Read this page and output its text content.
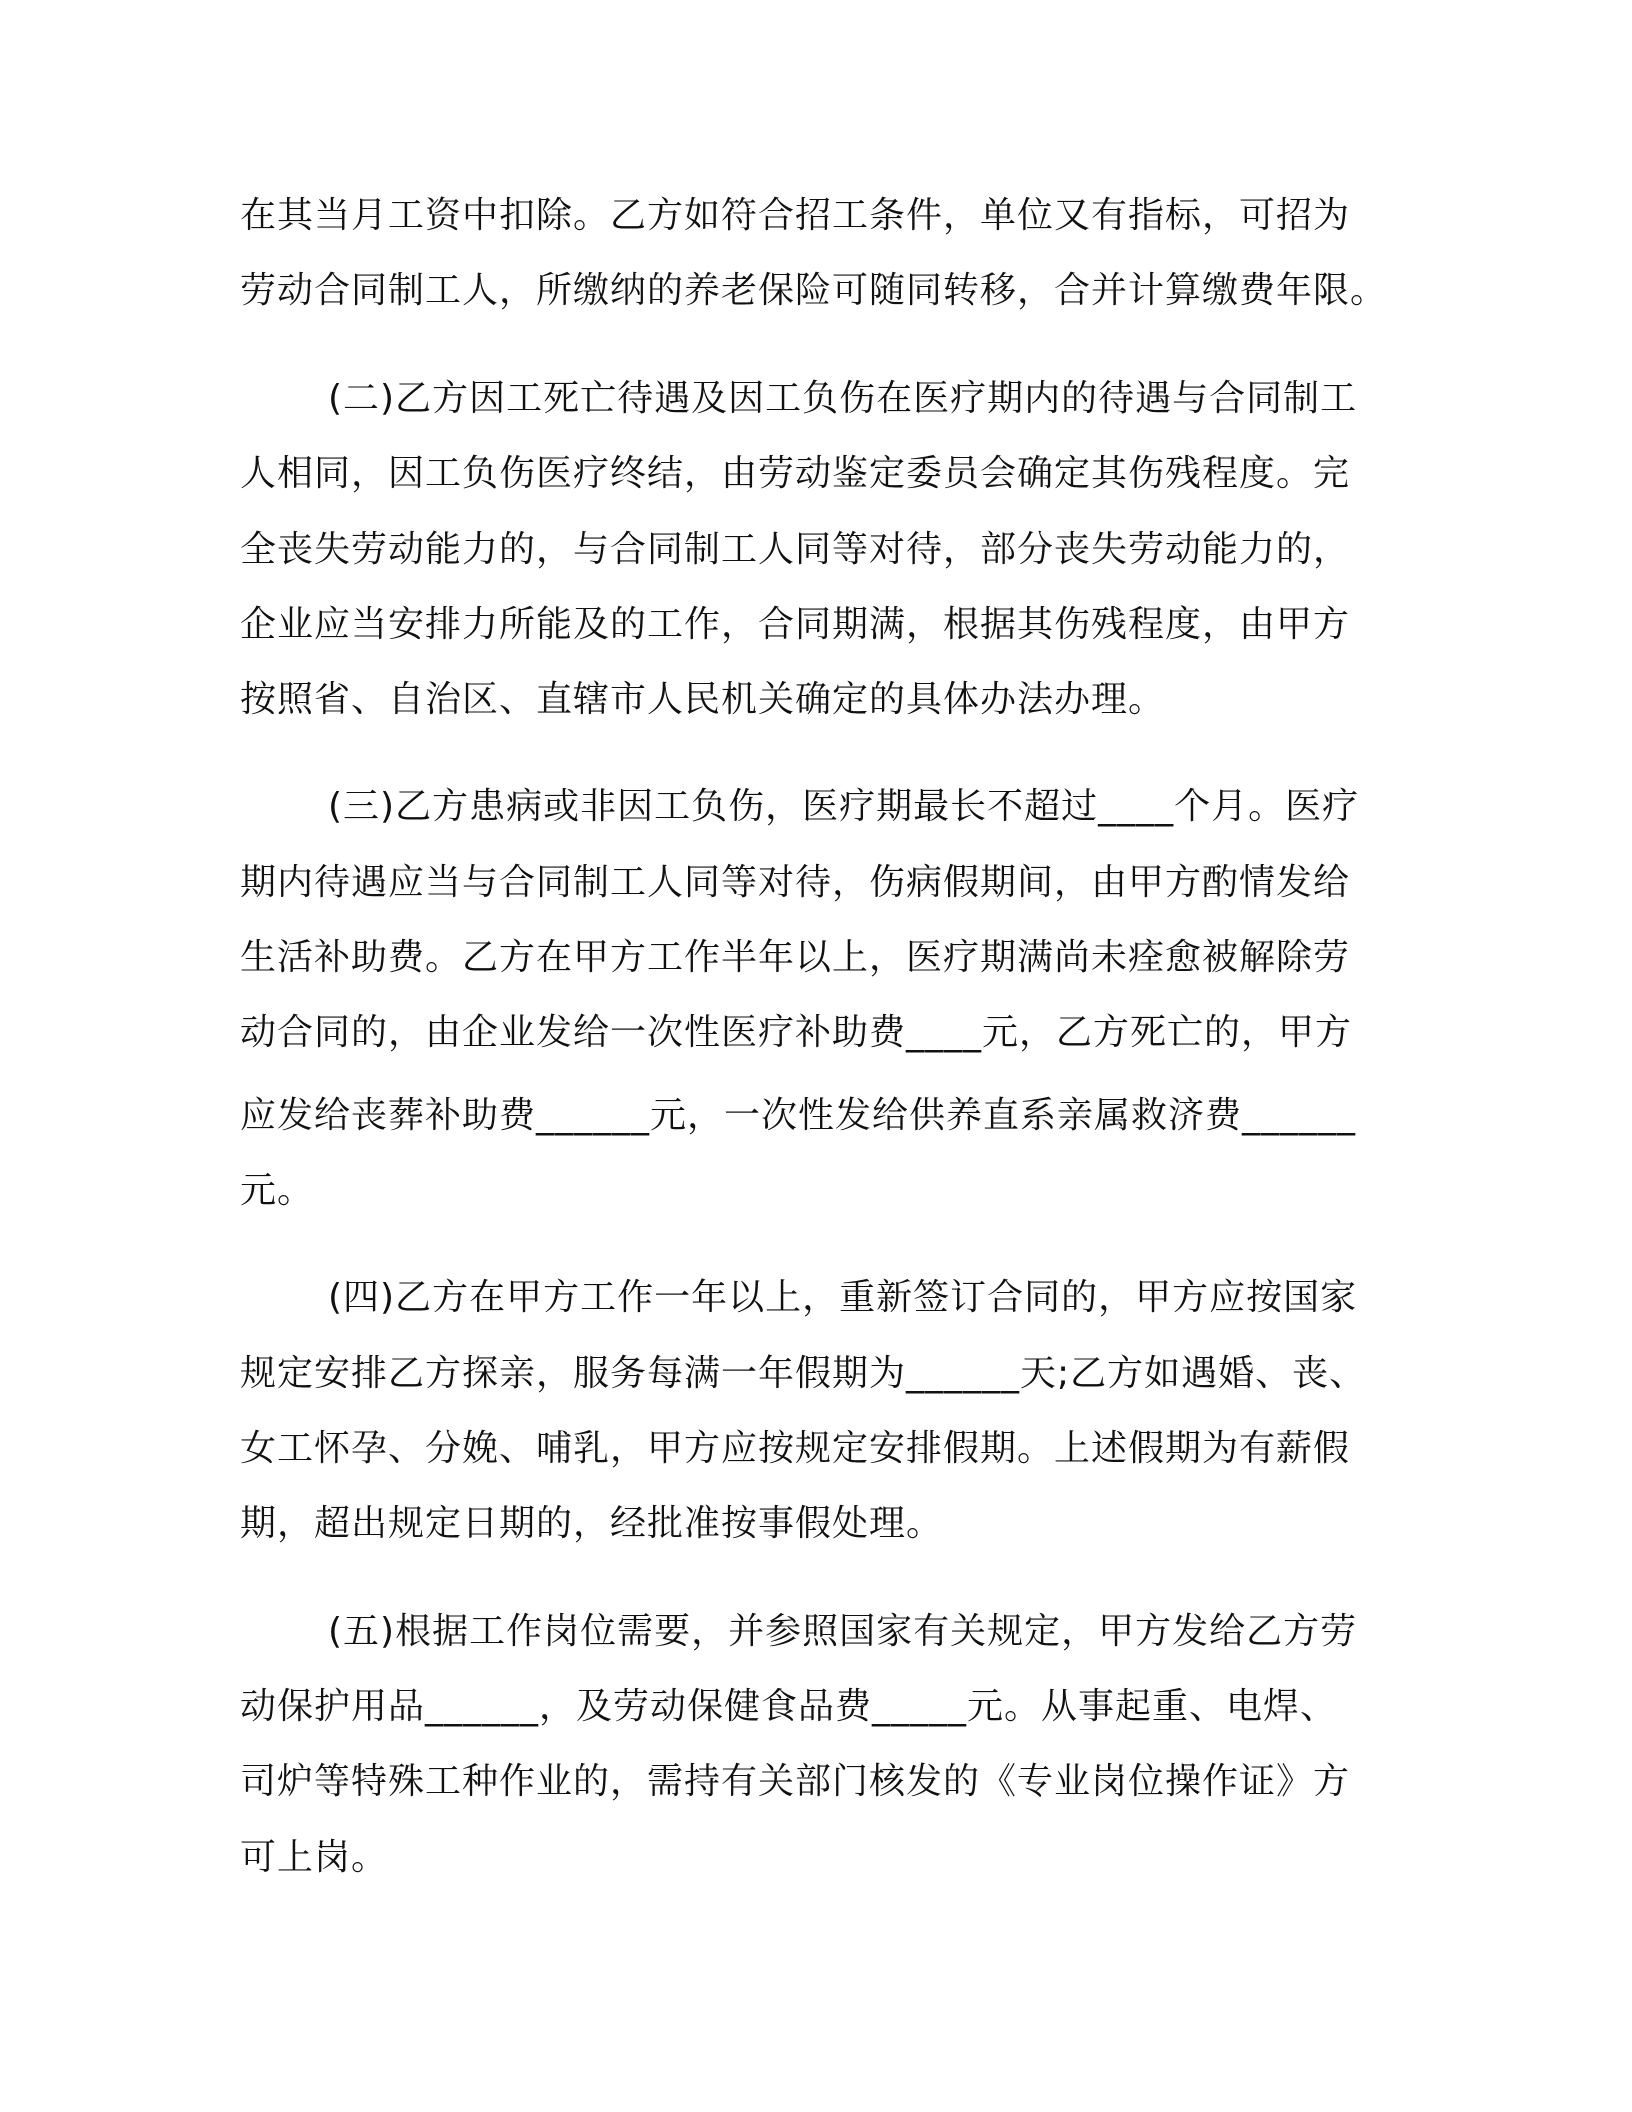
在其当月工资中扣除。乙方如符合招工条件，单位又有指标，可招为
劳动合同制工人，所缴纳的养老保险可随同转移，合并计算缴费年限。
(二)乙方因工死亡待遇及因工负伤在医疗期内的待遇与合同制工
人相同，因工负伤医疗终结，由劳动鉴定委员会确定其伤残程度。完
全丧失劳动能力的，与合同制工人同等对待，部分丧失劳动能力的，
企业应当安排力所能及的工作，合同期满，根据其伤残程度，由甲方
按照省、自治区、直辖市人民机关确定的具体办法办理。
(三)乙方患病或非因工负伤，医疗期最长不超过____个月。医疗
期内待遇应当与合同制工人同等对待，伤病假期间，由甲方酌情发给
生活补助费。乙方在甲方工作半年以上，医疗期满尚未痊愈被解除劳
动合同的，由企业发给一次性医疗补助费____元，乙方死亡的，甲方
应发给丧葬补助费______元，一次性发给供养直系亲属救济费______
元。
(四)乙方在甲方工作一年以上，重新签订合同的，甲方应按国家
规定安排乙方探亲，服务每满一年假期为______天;乙方如遇婚、丧、
女工怀孕、分娩、哺乳，甲方应按规定安排假期。上述假期为有薪假
期，超出规定日期的，经批准按事假处理。
(五)根据工作岗位需要，并参照国家有关规定，甲方发给乙方劳
动保护用品______，及劳动保健食品费_____元。从事起重、电焊、
司炉等特殊工种作业的，需持有关部门核发的《专业岗位操作证》方
可上岗。
